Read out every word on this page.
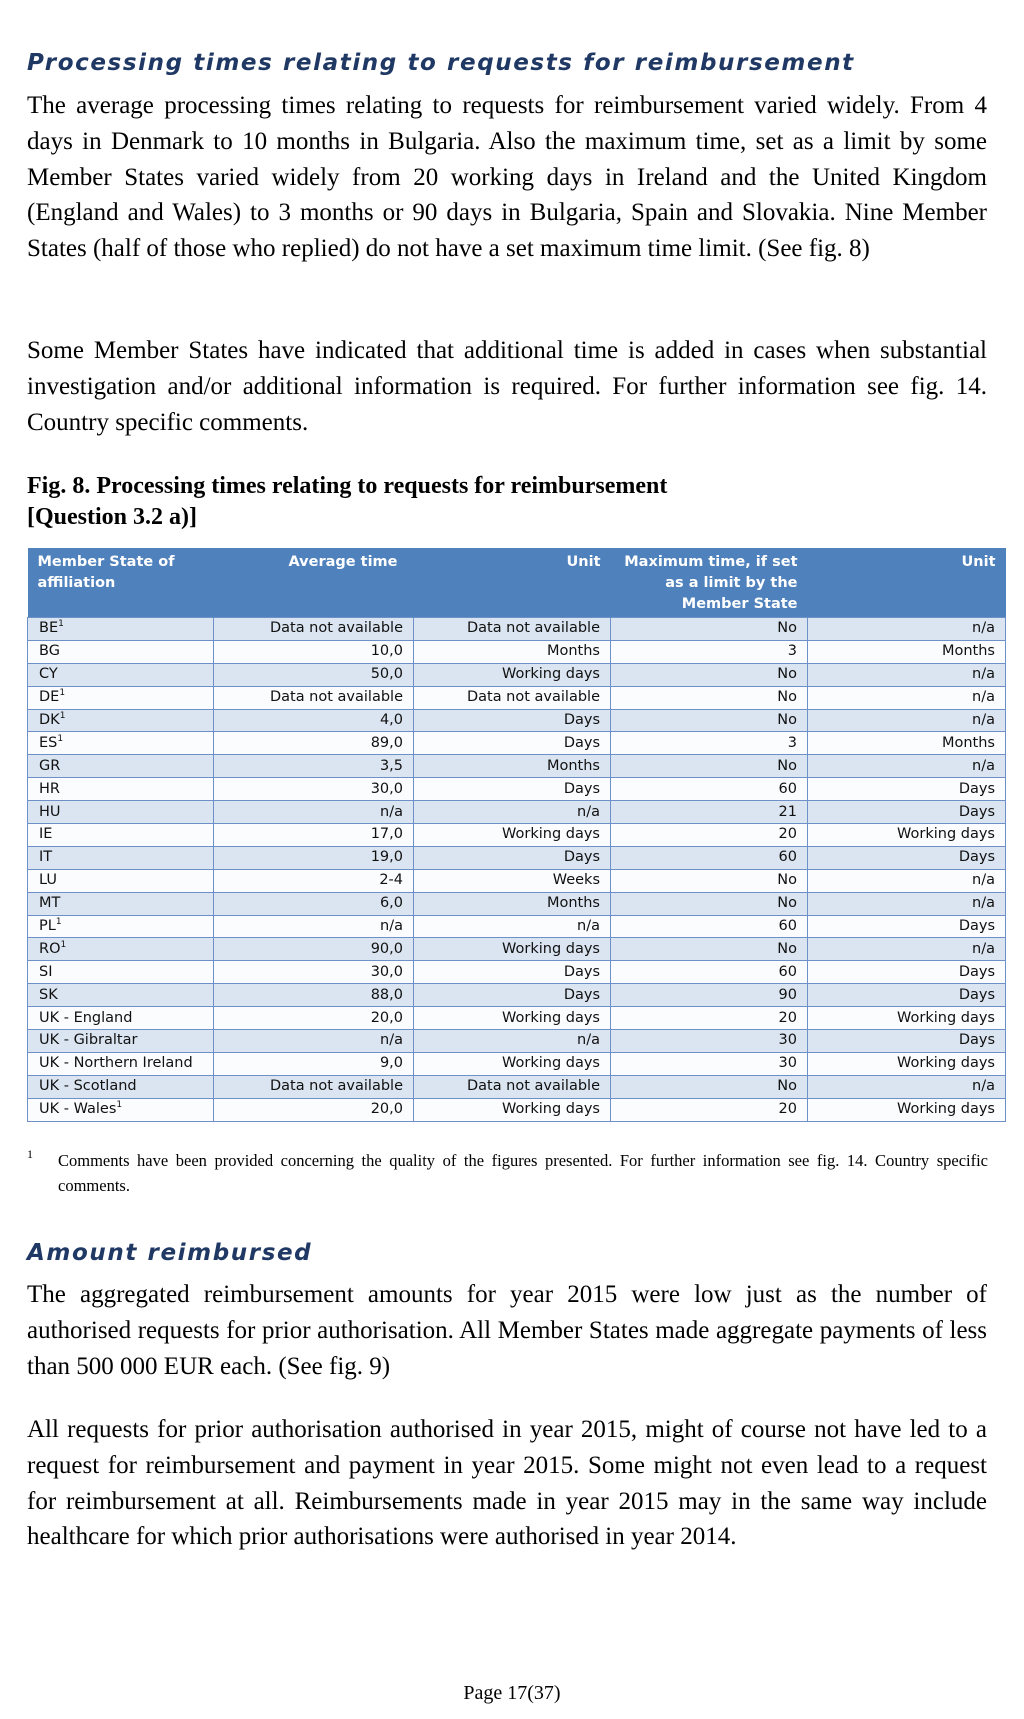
Processing times relating to requests for reimbursement

The average processing times relating to requests for reimbursement varied widely. From 4 days in Denmark to 10 months in Bulgaria. Also the maximum time, set as a limit by some Member States varied widely from 20 working days in Ireland and the United Kingdom (England and Wales) to 3 months or 90 days in Bulgaria, Spain and Slovakia. Nine Member States (half of those who replied) do not have a set maximum time limit. (See fig. 8)

Some Member States have indicated that additional time is added in cases when substantial investigation and/or additional information is required. For further information see fig. 14. Country specific comments.

Fig. 8. Processing times relating to requests for reimbursement
[Question 3.2 a)]
Member State of affiliation	Average time	Unit	Maximum time, if set as a limit by the Member State	Unit
$BE^1$	Data not available	Data not available	No	n/a
BG	10,0	Months	3	Months
CY	50,0	Working days	No	n/a
$DE^1$	Data not available	Data not available	No	n/a
$DK^1$	4,0	Days	No	n/a
$ES^1$	89,0	Days	3	Months
GR	3,5	Months	No	n/a
HR	30,0	Days	60	Days
HU	n/a	n/a	21	Days
IE	17,0	Working days	20	Working days
IT	19,0	Days	60	Days
LU	2-4	Weeks	No	n/a
MT	6,0	Months	No	n/a
$PL^1$	n/a	n/a	60	Days
$RO^1$	90,0	Working days	No	n/a
SI	30,0	Days	60	Days
SK	88,0	Days	90	Days
UK - England	20,0	Working days	20	Working days
UK - Gibraltar	n/a	n/a	30	Days
UK - Northern Ireland	9,0	Working days	30	Working days
UK - Scotland	Data not available	Data not available	No	n/a
UK - Wales$^1$	20,0	Working days	20	Working days
1 Comments have been provided concerning the quality of the figures presented. For further information see fig. 14. Country specific comments.

Amount reimbursed

The aggregated reimbursement amounts for year 2015 were low just as the number of authorised requests for prior authorisation. All Member States made aggregate payments of less than 500 000 EUR each. (See fig. 9)

All requests for prior authorisation authorised in year 2015, might of course not have led to a request for reimbursement and payment in year 2015. Some might not even lead to a request for reimbursement at all. Reimbursements made in year 2015 may in the same way include healthcare for which prior authorisations were authorised in year 2014.

Page 17(37)
